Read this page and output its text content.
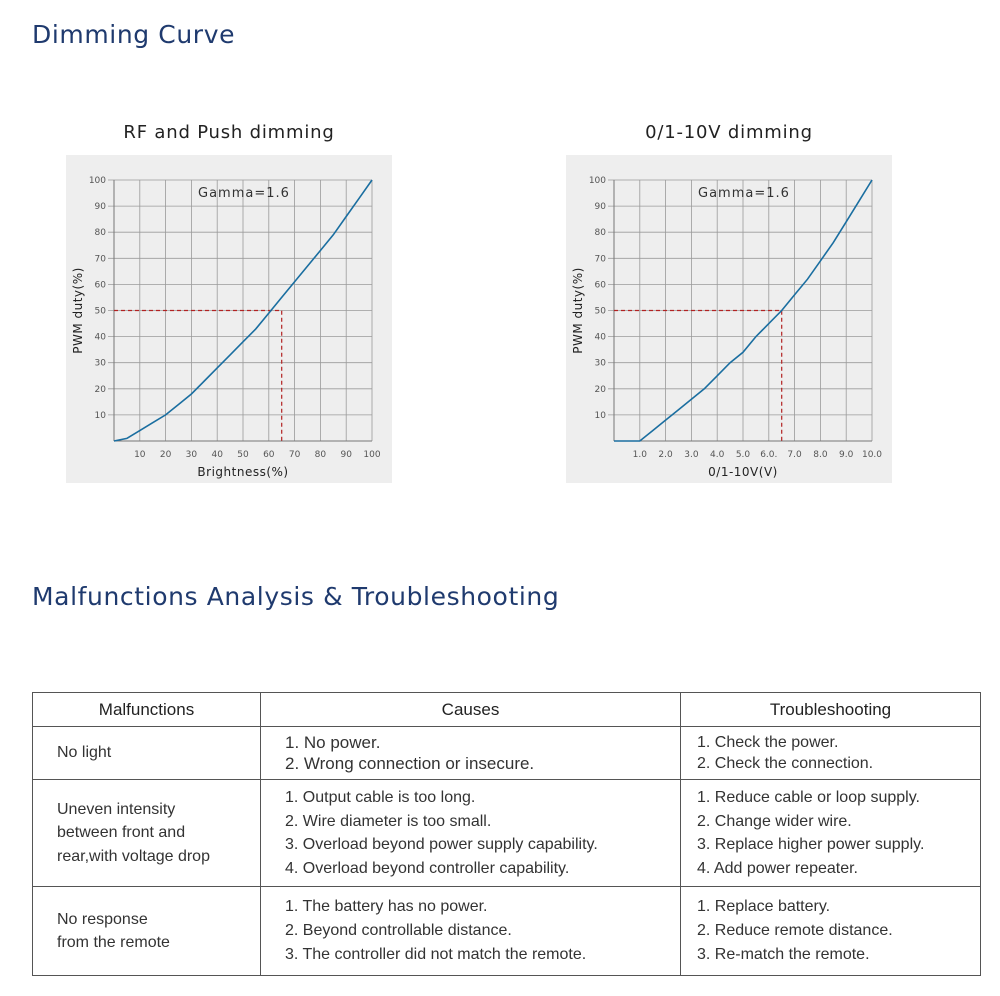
Dimming Curve
RF and Push dimming	0/1-10V dimming
10 20 30 40 50 60 70 80 90 100
10
20
30
40
50
60
70
80
90
100
Gamma=1.6
Brightness(%)
PWM duty(%)
1.0 2.0 3.0 4.0 5.0 6.0. 7.0 8.0 9.0 10.0
10
20
30
40
50
60
70
80
90
100
Gamma=1.6
0/1-10V(V)
PWM duty(%)
Malfunctions Analysis & Troubleshooting
Malfunctions	Causes	Troubleshooting

No light	1. No power.
2. Wrong connection or insecure.	1. Check the power.
2. Check the connection.

Uneven intensity
between front and
rear,with voltage drop	1. Output cable is too long.
2. Wire diameter is too small.
3. Overload beyond power supply capability.
4. Overload beyond controller capability.	1. Reduce cable or loop supply.
2. Change wider wire.
3. Replace higher power supply.
4. Add power repeater.

No response
from the remote	1. The battery has no power.
2. Beyond controllable distance.
3. The controller did not match the remote.	1. Replace battery.
2. Reduce remote distance.
3. Re-match the remote.
